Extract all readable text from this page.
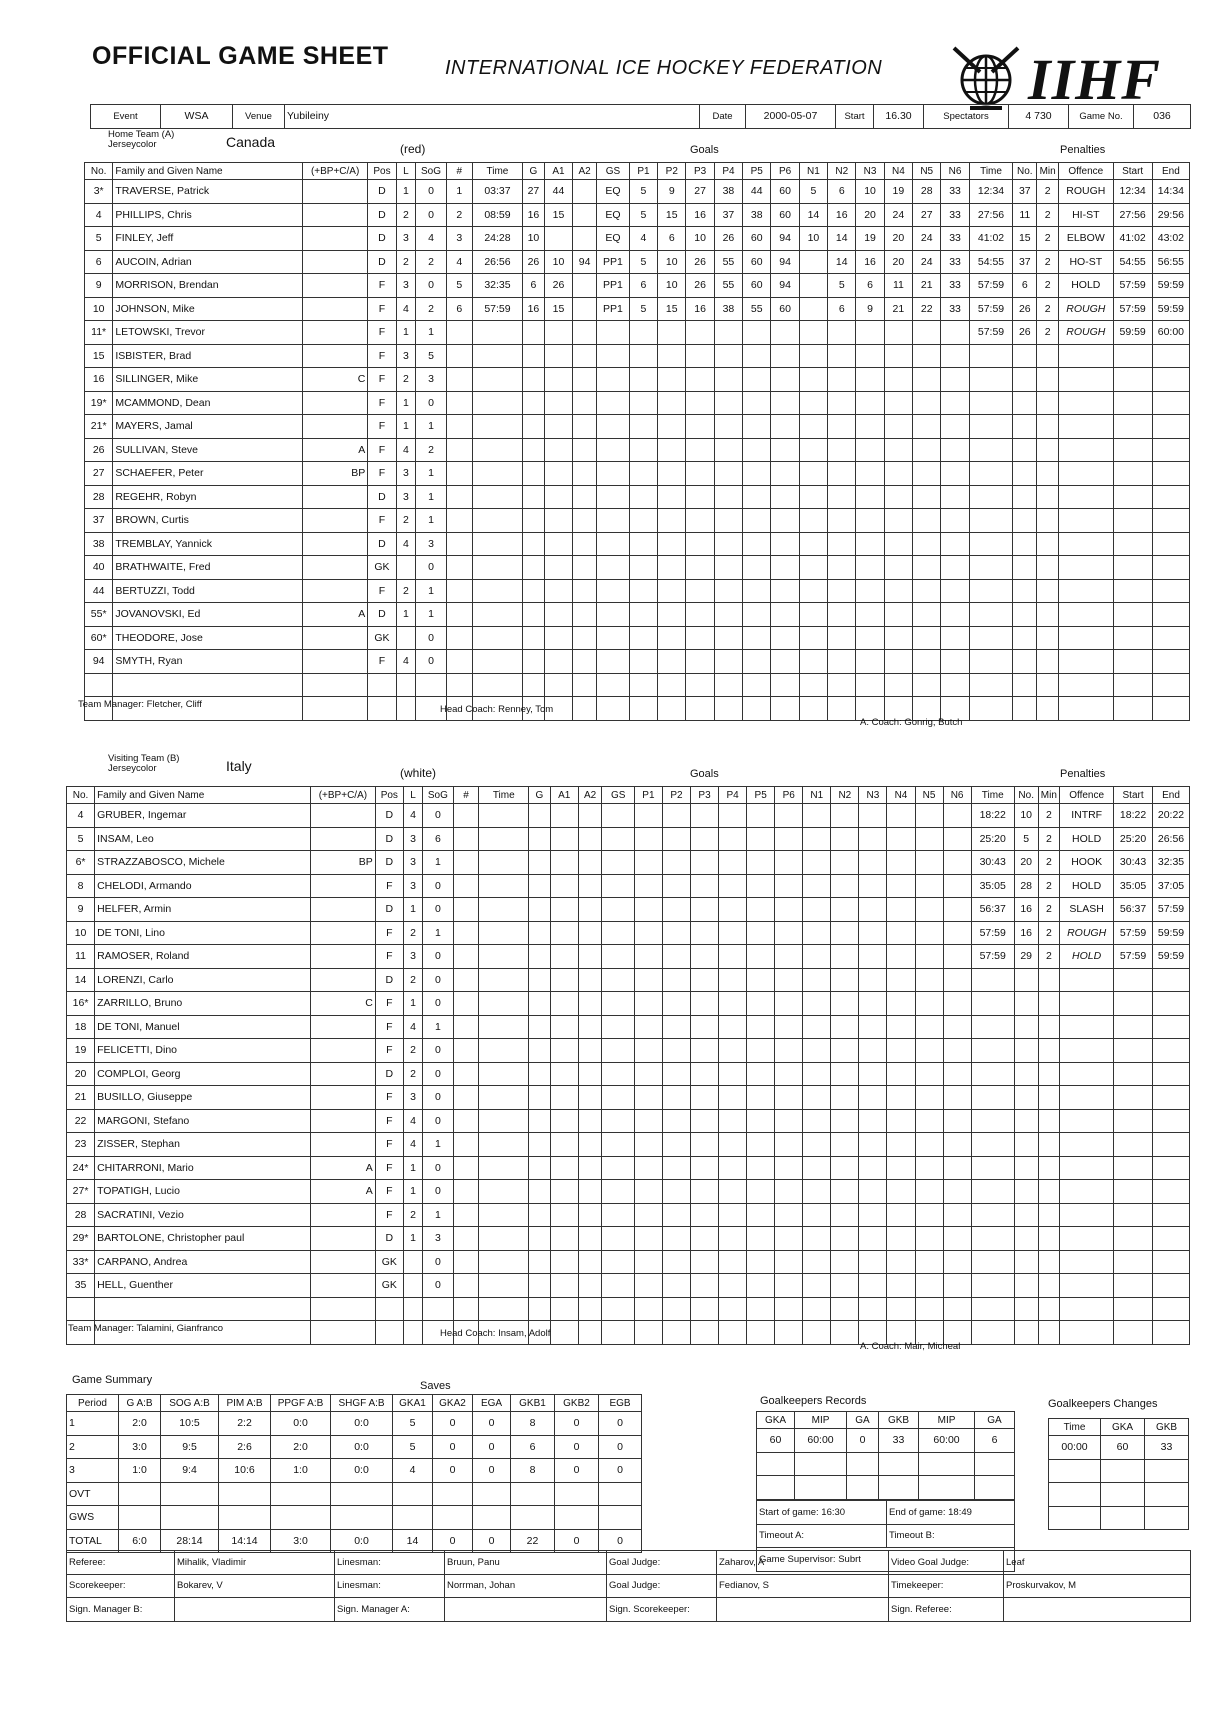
OFFICIAL GAME SHEET	INTERNATIONAL ICE HOCKEY FEDERATION	IIHF
Event	WSA	Venue	Yubileiny	Date	2000-05-07	Start	16.30	Spectators	4 730	Game No.	036
Home Team (A) Jerseycolor	Canada	(red)	Goals	Penalties
No.	Family and Given Name	(+BP+C/A)	Pos	L	SoG	#	Time	G	A1	A2	GS	P1	P2	P3	P4	P5	P6	N1	N2	N3	N4	N5	N6	Time	No.	Min	Offence	Start	End
3*	TRAVERSE, Patrick		D	1	0	1	03:37	27	44		EQ	5	9	27	38	44	60	5	6	10	19	28	33	12:34	37	2	ROUGH	12:34	14:34
4	PHILLIPS, Chris		D	2	0	2	08:59	16	15		EQ	5	15	16	37	38	60	14	16	20	24	27	33	27:56	11	2	HI-ST	27:56	29:56
5	FINLEY, Jeff		D	3	4	3	24:28	10			EQ	4	6	10	26	60	94	10	14	19	20	24	33	41:02	15	2	ELBOW	41:02	43:02
6	AUCOIN, Adrian		D	2	2	4	26:56	26	10	94	PP1	5	10	26	55	60	94		14	16	20	24	33	54:55	37	2	HO-ST	54:55	56:55
9	MORRISON, Brendan		F	3	0	5	32:35	6	26		PP1	6	10	26	55	60	94		5	6	11	21	33	57:59	6	2	HOLD	57:59	59:59
10	JOHNSON, Mike		F	4	2	6	57:59	16	15		PP1	5	15	16	38	55	60		6	9	21	22	33	57:59	26	2	ROUGH	57:59	59:59
11*	LETOWSKI, Trevor		F	1	1																			57:59	26	2	ROUGH	59:59	60:00
15	ISBISTER, Brad		F	3	5																								
16	SILLINGER, Mike	C	F	2	3																								
19*	MCAMMOND, Dean		F	1	0																								
21*	MAYERS, Jamal		F	1	1																								
26	SULLIVAN, Steve	A	F	4	2																								
27	SCHAEFER, Peter	BP	F	3	1																								
28	REGEHR, Robyn		D	3	1																								
37	BROWN, Curtis		F	2	1																								
38	TREMBLAY, Yannick		D	4	3																								
40	BRATHWAITE, Fred		GK		0																								
44	BERTUZZI, Todd		F	2	1																								
55*	JOVANOVSKI, Ed	A	D	1	1																								
60*	THEODORE, Jose		GK		0																								
94	SMYTH, Ryan		F	4	0																								

Team Manager: Fletcher, Cliff	Head Coach: Renney, Tom
A. Coach: Gonrig, Butch
Visiting Team (B) Jerseycolor	Italy	(white)	Goals	Penalties
No.	Family and Given Name	(+BP+C/A)	Pos	L	SoG	#	Time	G	A1	A2	GS	P1	P2	P3	P4	P5	P6	N1	N2	N3	N4	N5	N6	Time	No.	Min	Offence	Start	End
4	GRUBER, Ingemar		D	4	0																			18:22	10	2	INTRF	18:22	20:22
5	INSAM, Leo		D	3	6																			25:20	5	2	HOLD	25:20	26:56
6*	STRAZZABOSCO, Michele	BP	D	3	1																			30:43	20	2	HOOK	30:43	32:35
8	CHELODI, Armando		F	3	0																			35:05	28	2	HOLD	35:05	37:05
9	HELFER, Armin		D	1	0																			56:37	16	2	SLASH	56:37	57:59
10	DE TONI, Lino		F	2	1																			57:59	16	2	ROUGH	57:59	59:59
11	RAMOSER, Roland		F	3	0																			57:59	29	2	HOLD	57:59	59:59
14	LORENZI, Carlo		D	2	0																								
16*	ZARRILLO, Bruno	C	F	1	0																								
18	DE TONI, Manuel		F	4	1																								
19	FELICETTI, Dino		F	2	0																								
20	COMPLOI, Georg		D	2	0																								
21	BUSILLO, Giuseppe		F	3	0																								
22	MARGONI, Stefano		F	4	0																								
23	ZISSER, Stephan		F	4	1																								
24*	CHITARRONI, Mario	A	F	1	0																								
27*	TOPATIGH, Lucio	A	F	1	0																								
28	SACRATINI, Vezio		F	2	1																								
29*	BARTOLONE, Christopher paul		D	1	3																								
33*	CARPANO, Andrea		GK		0																								
35	HELL, Guenther		GK		0																								

Team Manager: Talamini, Gianfranco	Head Coach: Insam, Adolf
A. Coach: Mair, Micheal
Game Summary	Saves
Period	G A:B	SOG A:B	PIM A:B	PPGF A:B	SHGF A:B	GKA1	GKA2	EGA	GKB1	GKB2	EGB
1	2:0	10:5	2:2	0:0	0:0	5	0	0	8	0	0
2	3:0	9:5	2:6	2:0	0:0	5	0	0	6	0	0
3	1:0	9:4	10:6	1:0	0:0	4	0	0	8	0	0
OVT											
GWS											
TOTAL	6:0	28:14	14:14	3:0	0:0	14	0	0	22	0	0
Goalkeepers Records
GKA	MIP	GA	GKB	MIP	GA
60	60:00	0	33	60:00	6

Start of game: 16:30	End of game: 18:49
Timeout A:	Timeout B:
Game Supervisor: Subrt	
Goalkeepers Changes
Time	GKA	GKB
00:00	60	33

Referee:	Mihalik, Vladimir	Linesman:	Bruun, Panu	Goal Judge:	Zaharov, A	Video Goal Judge:	Leaf
Scorekeeper:	Bokarev, V	Linesman:	Norrman, Johan	Goal Judge:	Fedianov, S	Timekeeper:	Proskurvakov, M
Sign. Manager B:		Sign. Manager A:		Sign. Scorekeeper:		Sign. Referee:	
